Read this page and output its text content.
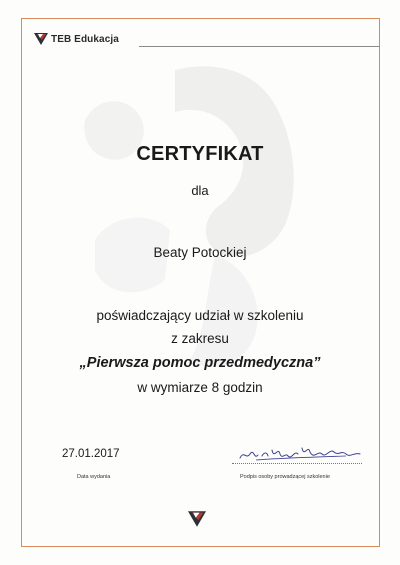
TEB Edukacja
CERTYFIKAT
dla
Beaty Potockiej
poświadczający udział w szkoleniu
z zakresu
„Pierwsza pomoc przedmedyczna”
w wymiarze 8 godzin
27.01.2017
Data wydania	Podpis osoby prowadzącej szkolenie
